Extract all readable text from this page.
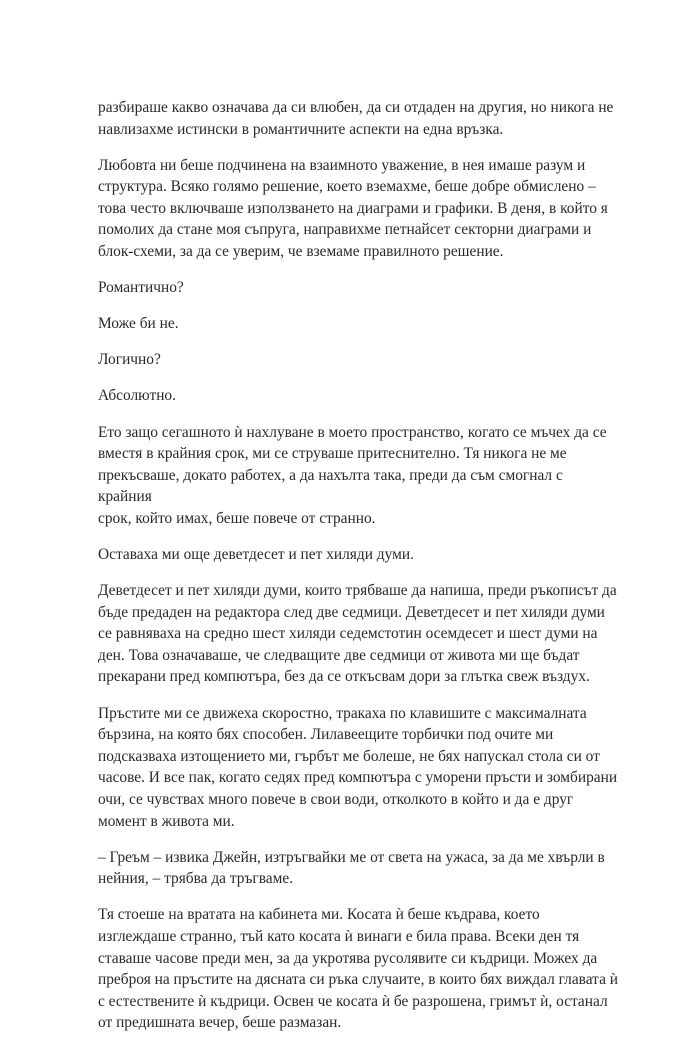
разбираше какво означава да си влюбен, да си отдаден на другия, но никога не
навлизахме истински в романтичните аспекти на една връзка.

Любовта ни беше подчинена на взаимното уважение, в нея имаше разум и
структура. Всяко голямо решение, което вземахме, беше добре обмислено –
това често включваше използването на диаграми и графики. В деня, в който я
помолих да стане моя съпруга, направихме петнайсет секторни диаграми и
блок-схеми, за да се уверим, че вземаме правилното решение.

Романтично?

Може би не.

Логично?

Абсолютно.

Ето защо сегашното ѝ нахлуване в моето пространство, когато се мъчех да се
вместя в крайния срок, ми се струваше притеснително. Тя никога не ме
прекъсваше, докато работех, а да нахълта така, преди да съм смогнал с крайния
срок, който имах, беше повече от странно.

Оставаха ми още деветдесет и пет хиляди думи.

Деветдесет и пет хиляди думи, които трябваше да напиша, преди ръкописът да
бъде предаден на редактора след две седмици. Деветдесет и пет хиляди думи
се равняваха на средно шест хиляди седемстотин осемдесет и шест думи на
ден. Това означаваше, че следващите две седмици от живота ми ще бъдат
прекарани пред компютъра, без да се откъсвам дори за глътка свеж въздух.

Пръстите ми се движеха скоростно, тракаха по клавишите с максималната
бързина, на която бях способен. Лилавеещите торбички под очите ми
подсказваха изтощението ми, гърбът ме болеше, не бях напускал стола си от
часове. И все пак, когато седях пред компютъра с уморени пръсти и зомбирани
очи, се чувствах много повече в свои води, отколкото в който и да е друг
момент в живота ми.

– Греъм – извика Джейн, изтръгвайки ме от света на ужаса, за да ме хвърли в
нейния, – трябва да тръгваме.

Тя стоеше на вратата на кабинета ми. Косата ѝ беше къдрава, което
изглеждаше странно, тъй като косата ѝ винаги е била права. Всеки ден тя
ставаше часове преди мен, за да укротява русолявите си къдрици. Можех да
преброя на пръстите на дясната си ръка случаите, в които бях виждал главата ѝ
с естествените ѝ къдрици. Освен че косата ѝ бе разрошена, гримът ѝ, останал
от предишната вечер, беше размазан.
